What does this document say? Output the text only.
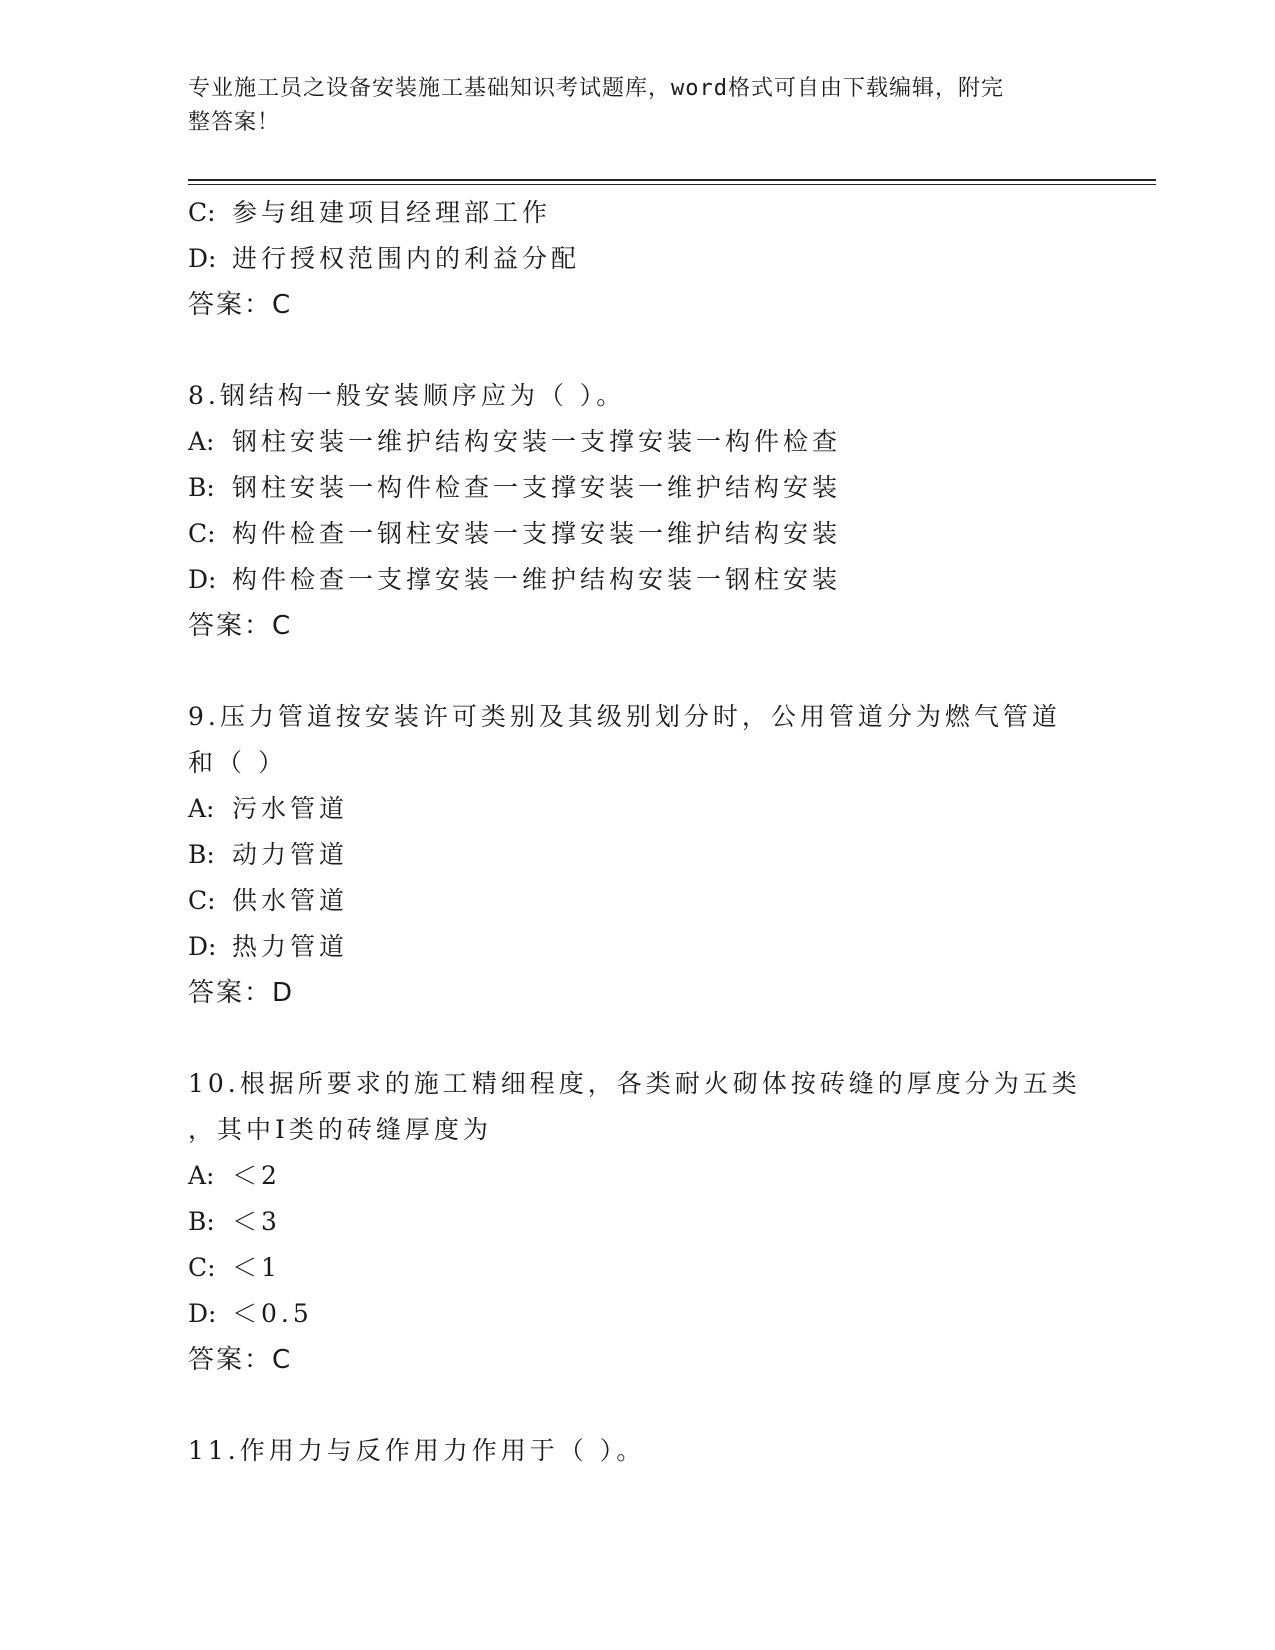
专业施工员之设备安装施工基础知识考试题库，word格式可自由下载编辑，附完
整答案！
C: 参与组建项目经理部工作
D: 进行授权范围内的利益分配
答案：C
8.钢结构一般安装顺序应为（ ）。
A: 钢柱安装一维护结构安装一支撑安装一构件检查
B: 钢柱安装一构件检查一支撑安装一维护结构安装
C: 构件检查一钢柱安装一支撑安装一维护结构安装
D: 构件检查一支撑安装一维护结构安装一钢柱安装
答案：C
9.压力管道按安装许可类别及其级别划分时，公用管道分为燃气管道
和（ ）
A: 污水管道
B: 动力管道
C: 供水管道
D: 热力管道
答案：D
10.根据所要求的施工精细程度，各类耐火砌体按砖缝的厚度分为五类
，其中Ⅰ类的砖缝厚度为
A: ＜2
B: ＜3
C: ＜1
D: ＜0.5
答案：C
11.作用力与反作用力作用于（ ）。
